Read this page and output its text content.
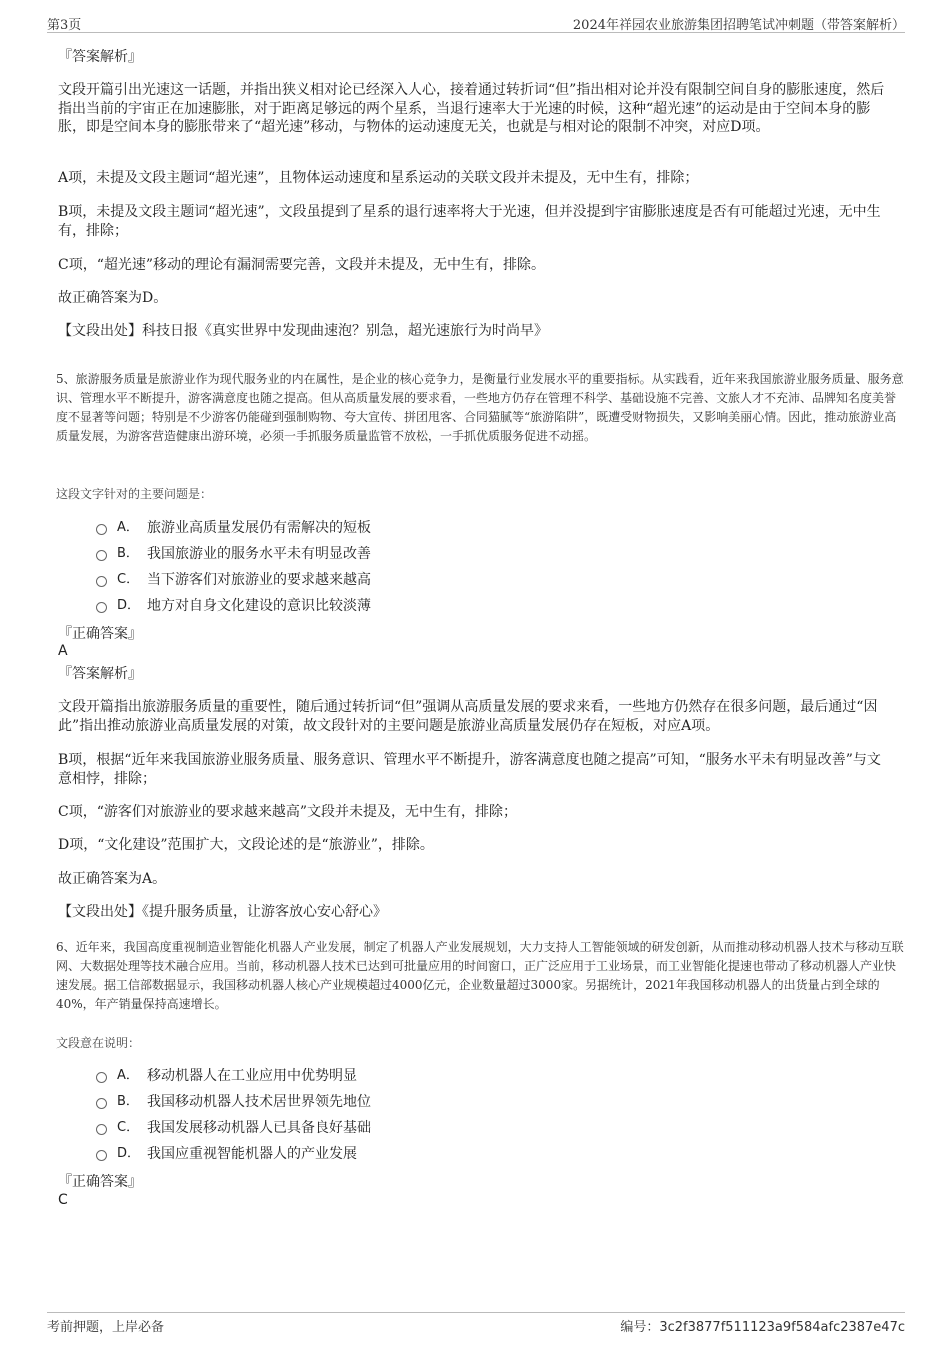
第3页	2024年祥园农业旅游集团招聘笔试冲刺题（带答案解析）
『答案解析』

文段开篇引出光速这一话题，并指出狭义相对论已经深入人心，接着通过转折词“但”指出相对论并没有限制空间自身的膨胀速度，然后指出当前的宇宙正在加速膨胀，对于距离足够远的两个星系，当退行速率大于光速的时候，这种“超光速”的运动是由于空间本身的膨胀，即是空间本身的膨胀带来了“超光速”移动，与物体的运动速度无关，也就是与相对论的限制不冲突，对应D项。

A项，未提及文段主题词“超光速”，且物体运动速度和星系运动的关联文段并未提及，无中生有，排除；

B项，未提及文段主题词“超光速”，文段虽提到了星系的退行速率将大于光速，但并没提到宇宙膨胀速度是否有可能超过光速，无中生有，排除；

C项，“超光速”移动的理论有漏洞需要完善，文段并未提及，无中生有，排除。

故正确答案为D。

【文段出处】科技日报《真实世界中发现曲速泡？别急，超光速旅行为时尚早》

5、旅游服务质量是旅游业作为现代服务业的内在属性，是企业的核心竞争力，是衡量行业发展水平的重要指标。从实践看，近年来我国旅游业服务质量、服务意识、管理水平不断提升，游客满意度也随之提高。但从高质量发展的要求看，一些地方仍存在管理不科学、基础设施不完善、文旅人才不充沛、品牌知名度美誉度不显著等问题；特别是不少游客仍能碰到强制购物、夸大宣传、拼团甩客、合同猫腻等“旅游陷阱”，既遭受财物损失，又影响美丽心情。因此，推动旅游业高质量发展，为游客营造健康出游环境，必须一手抓服务质量监管不放松，一手抓优质服务促进不动摇。

这段文字针对的主要问题是：
A． 旅游业高质量发展仍有需解决的短板
B． 我国旅游业的服务水平未有明显改善
C． 当下游客们对旅游业的要求越来越高
D． 地方对自身文化建设的意识比较淡薄
『正确答案』
A
『答案解析』

文段开篇指出旅游服务质量的重要性，随后通过转折词“但”强调从高质量发展的要求来看，一些地方仍然存在很多问题，最后通过“因此”指出推动旅游业高质量发展的对策，故文段针对的主要问题是旅游业高质量发展仍存在短板，对应A项。

B项，根据“近年来我国旅游业服务质量、服务意识、管理水平不断提升，游客满意度也随之提高”可知，“服务水平未有明显改善”与文意相悖，排除；

C项，“游客们对旅游业的要求越来越高”文段并未提及，无中生有，排除；

D项，“文化建设”范围扩大，文段论述的是“旅游业”，排除。

故正确答案为A。

【文段出处】《提升服务质量，让游客放心安心舒心》

6、近年来，我国高度重视制造业智能化机器人产业发展，制定了机器人产业发展规划，大力支持人工智能领域的研发创新，从而推动移动机器人技术与移动互联网、大数据处理等技术融合应用。当前，移动机器人技术已达到可批量应用的时间窗口，正广泛应用于工业场景，而工业智能化提速也带动了移动机器人产业快速发展。据工信部数据显示，我国移动机器人核心产业规模超过4000亿元，企业数量超过3000家。另据统计，2021年我国移动机器人的出货量占到全球的40%，年产销量保持高速增长。

文段意在说明：
A． 移动机器人在工业应用中优势明显
B． 我国移动机器人技术居世界领先地位
C． 我国发展移动机器人已具备良好基础
D． 我国应重视智能机器人的产业发展
『正确答案』
C
考前押题，上岸必备	编号：3c2f3877f511123a9f584afc2387e47c
